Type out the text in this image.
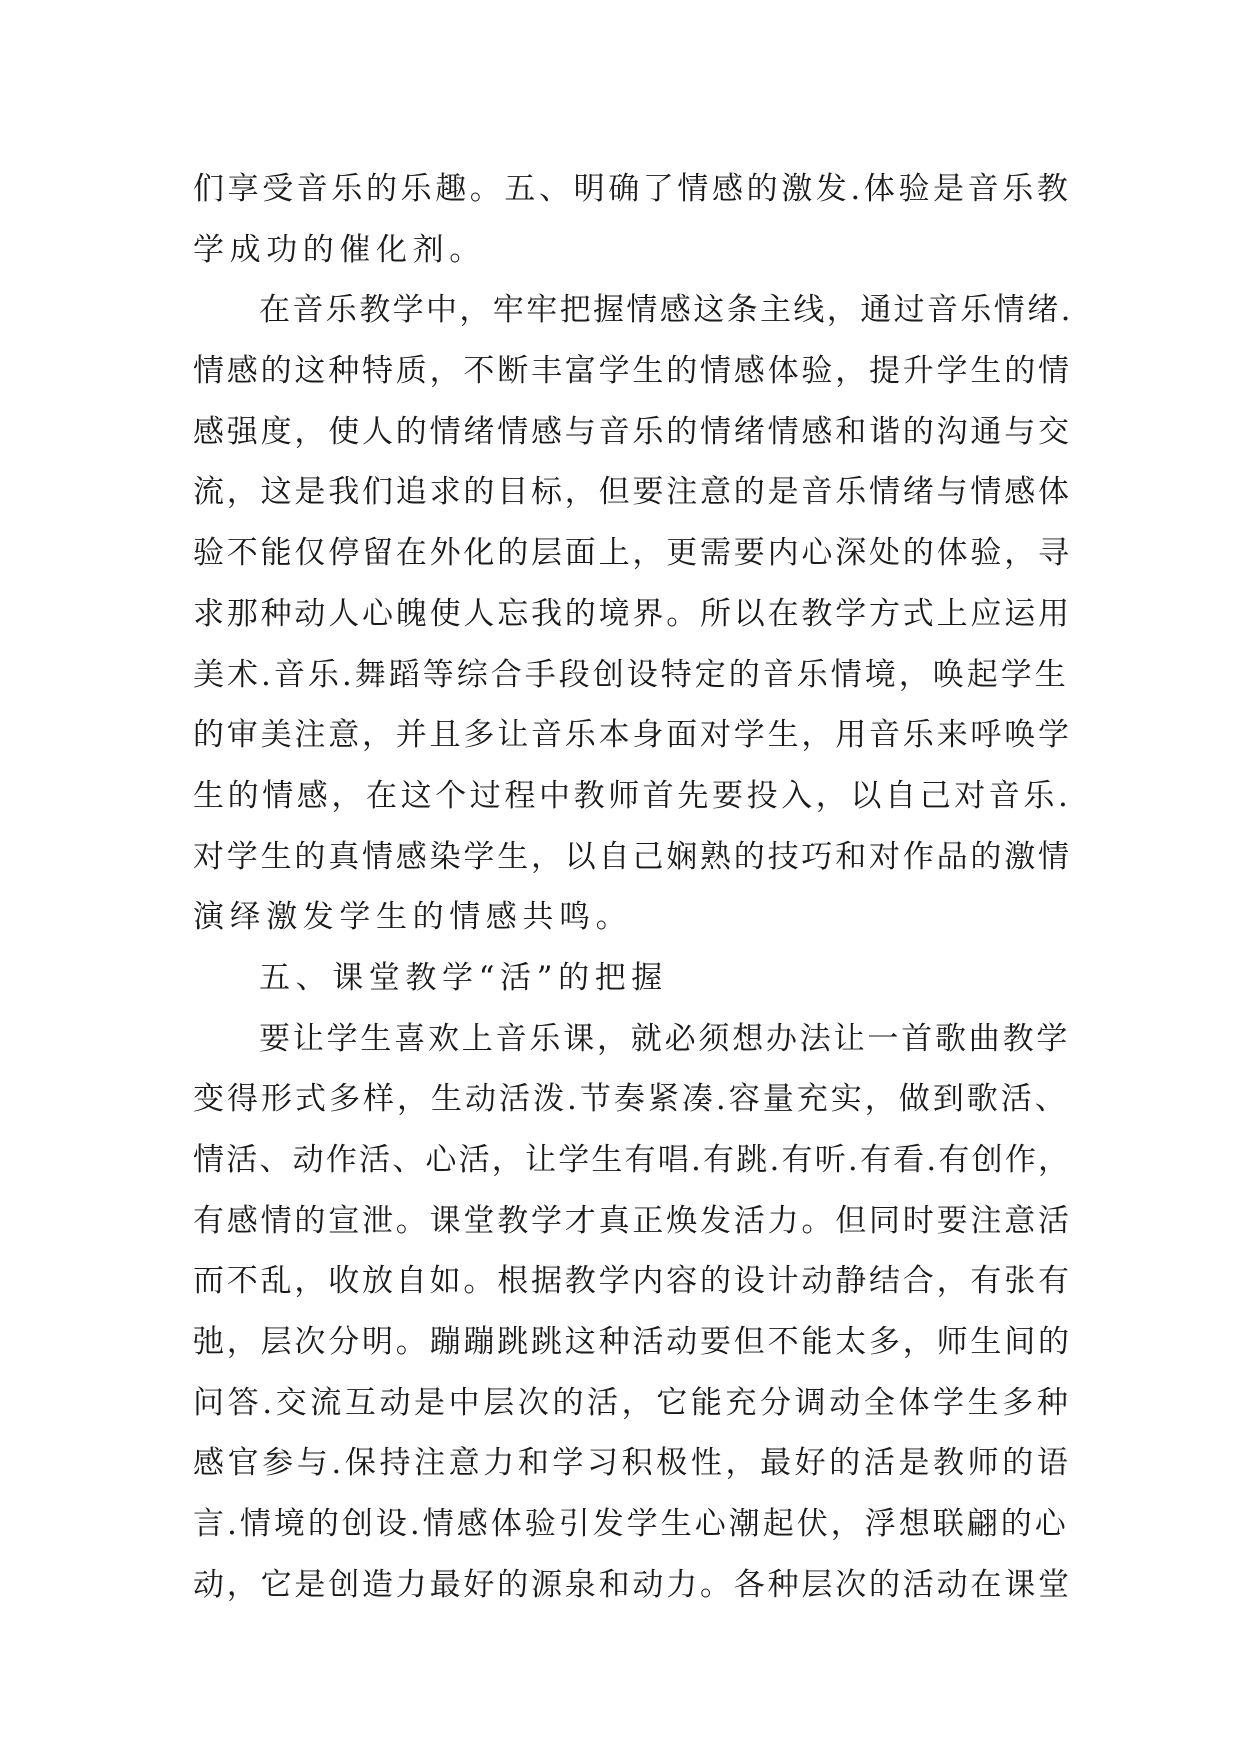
们享受音乐的乐趣。五、明确了情感的激发.体验是音乐教
学成功的催化剂。
在音乐教学中，牢牢把握情感这条主线，通过音乐情绪.
情感的这种特质，不断丰富学生的情感体验，提升学生的情
感强度，使人的情绪情感与音乐的情绪情感和谐的沟通与交
流，这是我们追求的目标，但要注意的是音乐情绪与情感体
验不能仅停留在外化的层面上，更需要内心深处的体验，寻
求那种动人心魄使人忘我的境界。所以在教学方式上应运用
美术.音乐.舞蹈等综合手段创设特定的音乐情境，唤起学生
的审美注意，并且多让音乐本身面对学生，用音乐来呼唤学
生的情感，在这个过程中教师首先要投入，以自己对音乐.
对学生的真情感染学生，以自己娴熟的技巧和对作品的激情
演绎激发学生的情感共鸣。
五、课堂教学“活”的把握
要让学生喜欢上音乐课，就必须想办法让一首歌曲教学
变得形式多样，生动活泼.节奏紧凑.容量充实，做到歌活、
情活、动作活、心活，让学生有唱.有跳.有听.有看.有创作，
有感情的宣泄。课堂教学才真正焕发活力。但同时要注意活
而不乱，收放自如。根据教学内容的设计动静结合，有张有
弛，层次分明。蹦蹦跳跳这种活动要但不能太多，师生间的
问答.交流互动是中层次的活，它能充分调动全体学生多种
感官参与.保持注意力和学习积极性，最好的活是教师的语
言.情境的创设.情感体验引发学生心潮起伏，浮想联翩的心
动，它是创造力最好的源泉和动力。各种层次的活动在课堂
